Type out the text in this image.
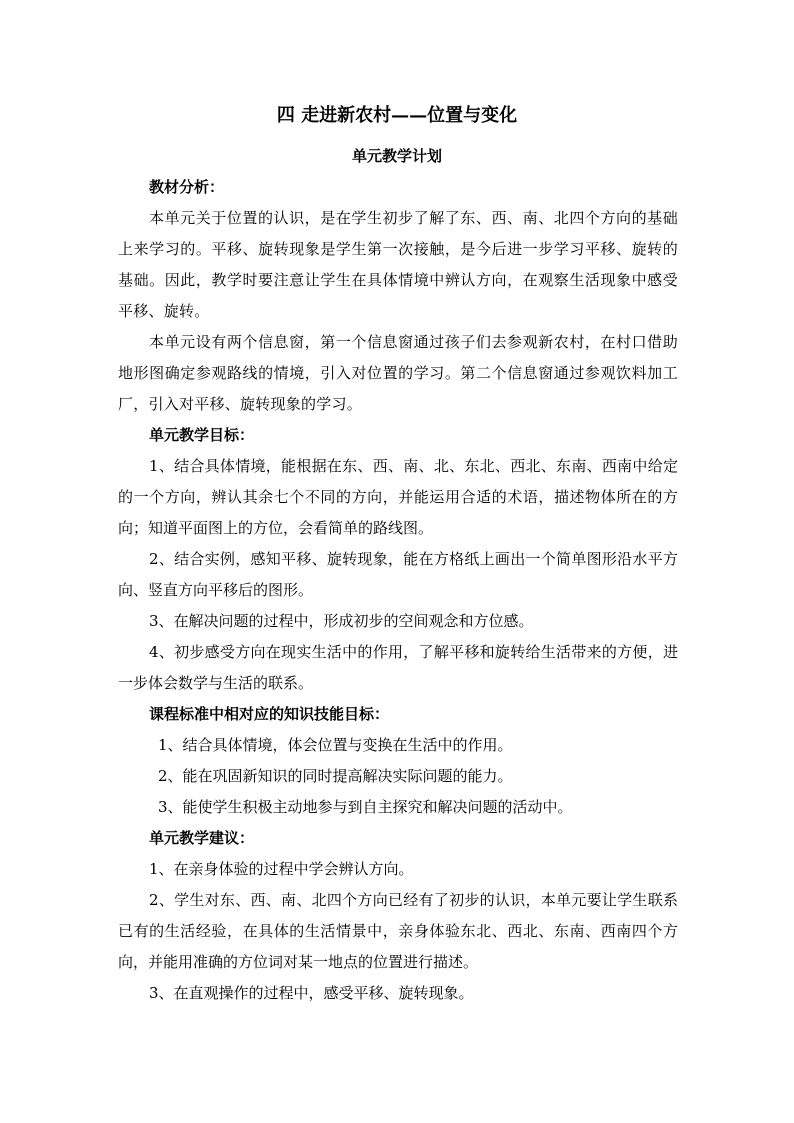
四 走进新农村——位置与变化
单元教学计划

教材分析：

本单元关于位置的认识，是在学生初步了解了东、西、南、北四个方向的基础上来学习的。平移、旋转现象是学生第一次接触，是今后进一步学习平移、旋转的基础。因此，教学时要注意让学生在具体情境中辨认方向，在观察生活现象中感受平移、旋转。

本单元设有两个信息窗，第一个信息窗通过孩子们去参观新农村，在村口借助地形图确定参观路线的情境，引入对位置的学习。第二个信息窗通过参观饮料加工厂，引入对平移、旋转现象的学习。

单元教学目标：

1、结合具体情境，能根据在东、西、南、北、东北、西北、东南、西南中给定的一个方向，辨认其余七个不同的方向，并能运用合适的术语，描述物体所在的方向；知道平面图上的方位，会看简单的路线图。

2、结合实例，感知平移、旋转现象，能在方格纸上画出一个简单图形沿水平方向、竖直方向平移后的图形。

3、在解决问题的过程中，形成初步的空间观念和方位感。

4、初步感受方向在现实生活中的作用，了解平移和旋转给生活带来的方便，进一步体会数学与生活的联系。

课程标准中相对应的知识技能目标：

1、结合具体情境，体会位置与变换在生活中的作用。

2、能在巩固新知识的同时提高解决实际问题的能力。

3、能使学生积极主动地参与到自主探究和解决问题的活动中。

单元教学建议：

1、在亲身体验的过程中学会辨认方向。

2、学生对东、西、南、北四个方向已经有了初步的认识，本单元要让学生联系已有的生活经验，在具体的生活情景中，亲身体验东北、西北、东南、西南四个方向，并能用准确的方位词对某一地点的位置进行描述。

3、在直观操作的过程中，感受平移、旋转现象。
